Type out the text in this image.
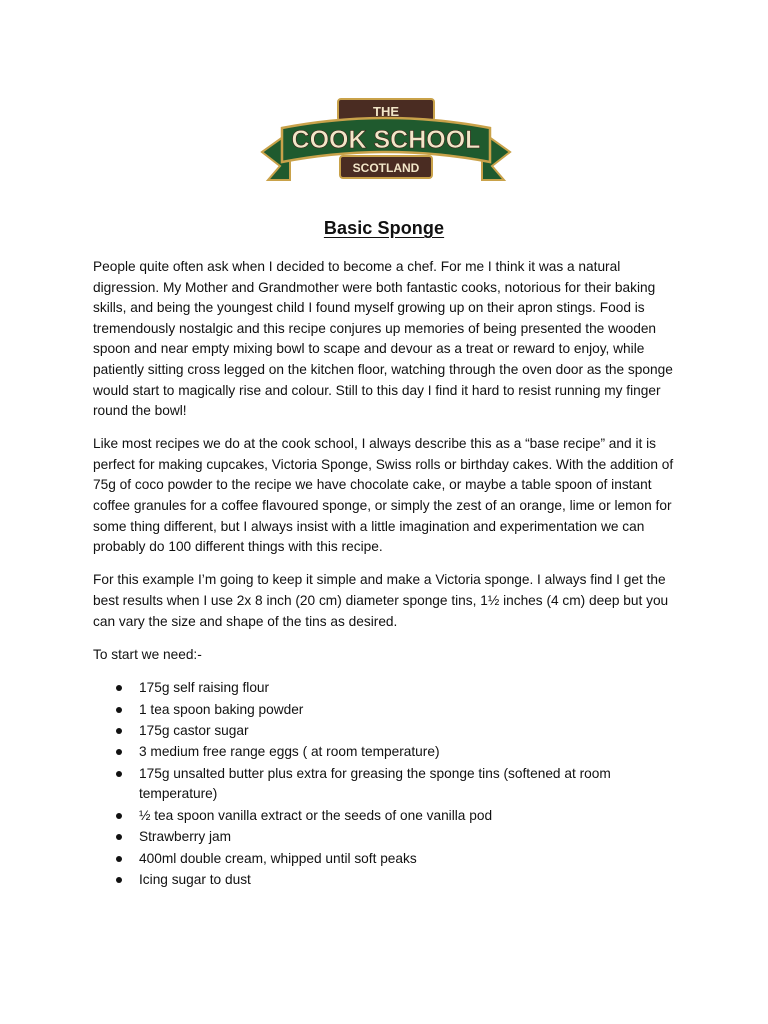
THE
COOK SCHOOL
SCOTLAND
Basic Sponge

People quite often ask when I decided to become a chef. For me I think it was a natural digression. My Mother and Grandmother were both fantastic cooks, notorious for their baking skills, and being the youngest child I found myself growing up on their apron stings. Food is tremendously nostalgic and this recipe conjures up memories of being presented the wooden spoon and near empty mixing bowl to scape and devour as a treat or reward to enjoy, while patiently sitting cross legged on the kitchen floor, watching through the oven door as the sponge would start to magically rise and colour. Still to this day I find it hard to resist running my finger round the bowl!

Like most recipes we do at the cook school, I always describe this as a “base recipe” and it is perfect for making cupcakes, Victoria Sponge, Swiss rolls or birthday cakes. With the addition of 75g of coco powder to the recipe we have chocolate cake, or maybe a table spoon of instant coffee granules for a coffee flavoured sponge, or simply the zest of an orange, lime or lemon for some thing different, but I always insist with a little imagination and experimentation we can probably do 100 different things with this recipe.

For this example I’m going to keep it simple and make a Victoria sponge. I always find I get the best results when I use 2x 8 inch (20 cm) diameter sponge tins, 1½ inches (4 cm) deep but you can vary the size and shape of the tins as desired.

To start we need:-

175g self raising flour
1 tea spoon baking powder
175g castor sugar
3 medium free range eggs ( at room temperature)
175g unsalted butter plus extra for greasing the sponge tins (softened at room temperature)
½ tea spoon vanilla extract or the seeds of one vanilla pod
Strawberry jam
400ml double cream, whipped until soft peaks
Icing sugar to dust
